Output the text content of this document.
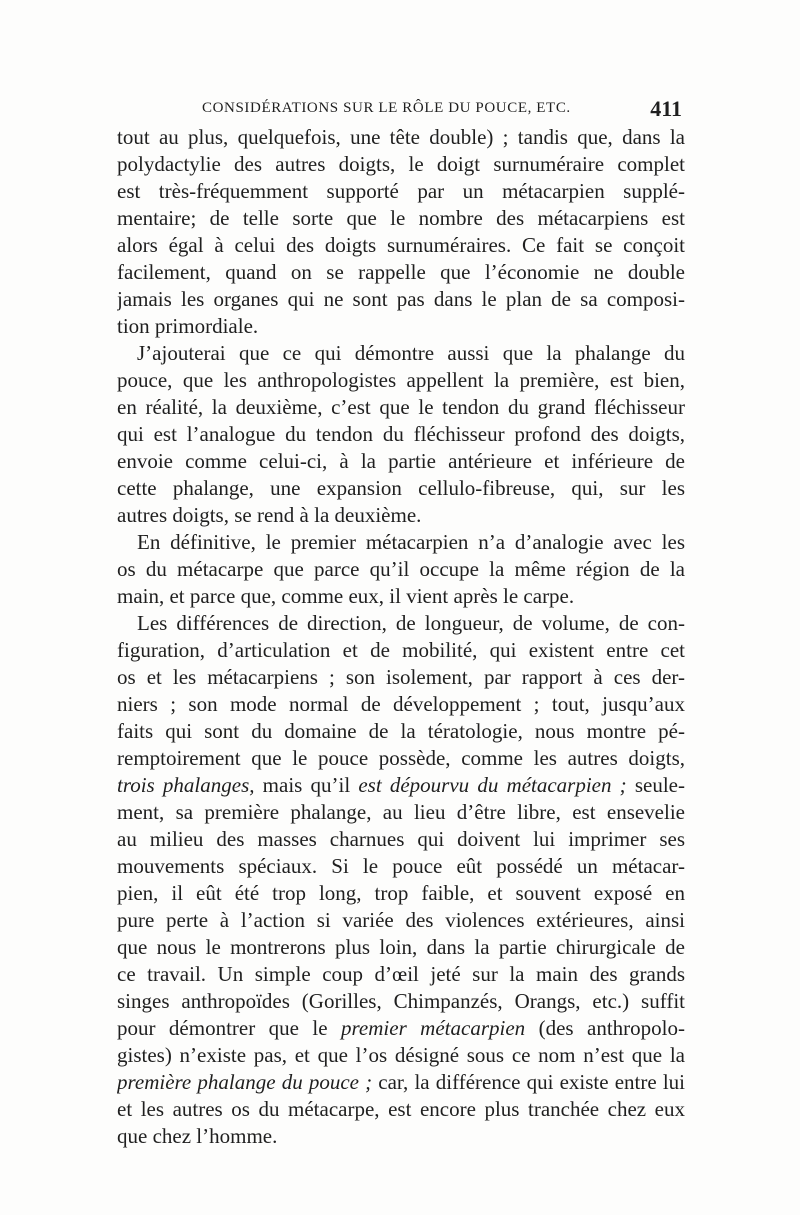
CONSIDÉRATIONS SUR LE RÔLE DU POUCE, ETC.	411
tout au plus, quelquefois, une tête double) ; tandis que, dans la
polydactylie des autres doigts, le doigt surnuméraire complet
est très-fréquemment supporté par un métacarpien supplé-
mentaire; de telle sorte que le nombre des métacarpiens est
alors égal à celui des doigts surnuméraires. Ce fait se conçoit
facilement, quand on se rappelle que l’économie ne double
jamais les organes qui ne sont pas dans le plan de sa composi-
tion primordiale.
J’ajouterai que ce qui démontre aussi que la phalange du
pouce, que les anthropologistes appellent la première, est bien,
en réalité, la deuxième, c’est que le tendon du grand fléchisseur
qui est l’analogue du tendon du fléchisseur profond des doigts,
envoie comme celui-ci, à la partie antérieure et inférieure de
cette phalange, une expansion cellulo-fibreuse, qui, sur les
autres doigts, se rend à la deuxième.
En définitive, le premier métacarpien n’a d’analogie avec les
os du métacarpe que parce qu’il occupe la même région de la
main, et parce que, comme eux, il vient après le carpe.
Les différences de direction, de longueur, de volume, de con-
figuration, d’articulation et de mobilité, qui existent entre cet
os et les métacarpiens ; son isolement, par rapport à ces der-
niers ; son mode normal de développement ; tout, jusqu’aux
faits qui sont du domaine de la tératologie, nous montre pé-
remptoirement que le pouce possède, comme les autres doigts,
trois phalanges, mais qu’il est dépourvu du métacarpien ; seule-
ment, sa première phalange, au lieu d’être libre, est ensevelie
au milieu des masses charnues qui doivent lui imprimer ses
mouvements spéciaux. Si le pouce eût possédé un métacar-
pien, il eût été trop long, trop faible, et souvent exposé en
pure perte à l’action si variée des violences extérieures, ainsi
que nous le montrerons plus loin, dans la partie chirurgicale de
ce travail. Un simple coup d’œil jeté sur la main des grands
singes anthropoïdes (Gorilles, Chimpanzés, Orangs, etc.) suffit
pour démontrer que le premier métacarpien (des anthropolo-
gistes) n’existe pas, et que l’os désigné sous ce nom n’est que la
première phalange du pouce ; car, la différence qui existe entre lui
et les autres os du métacarpe, est encore plus tranchée chez eux
que chez l’homme.
